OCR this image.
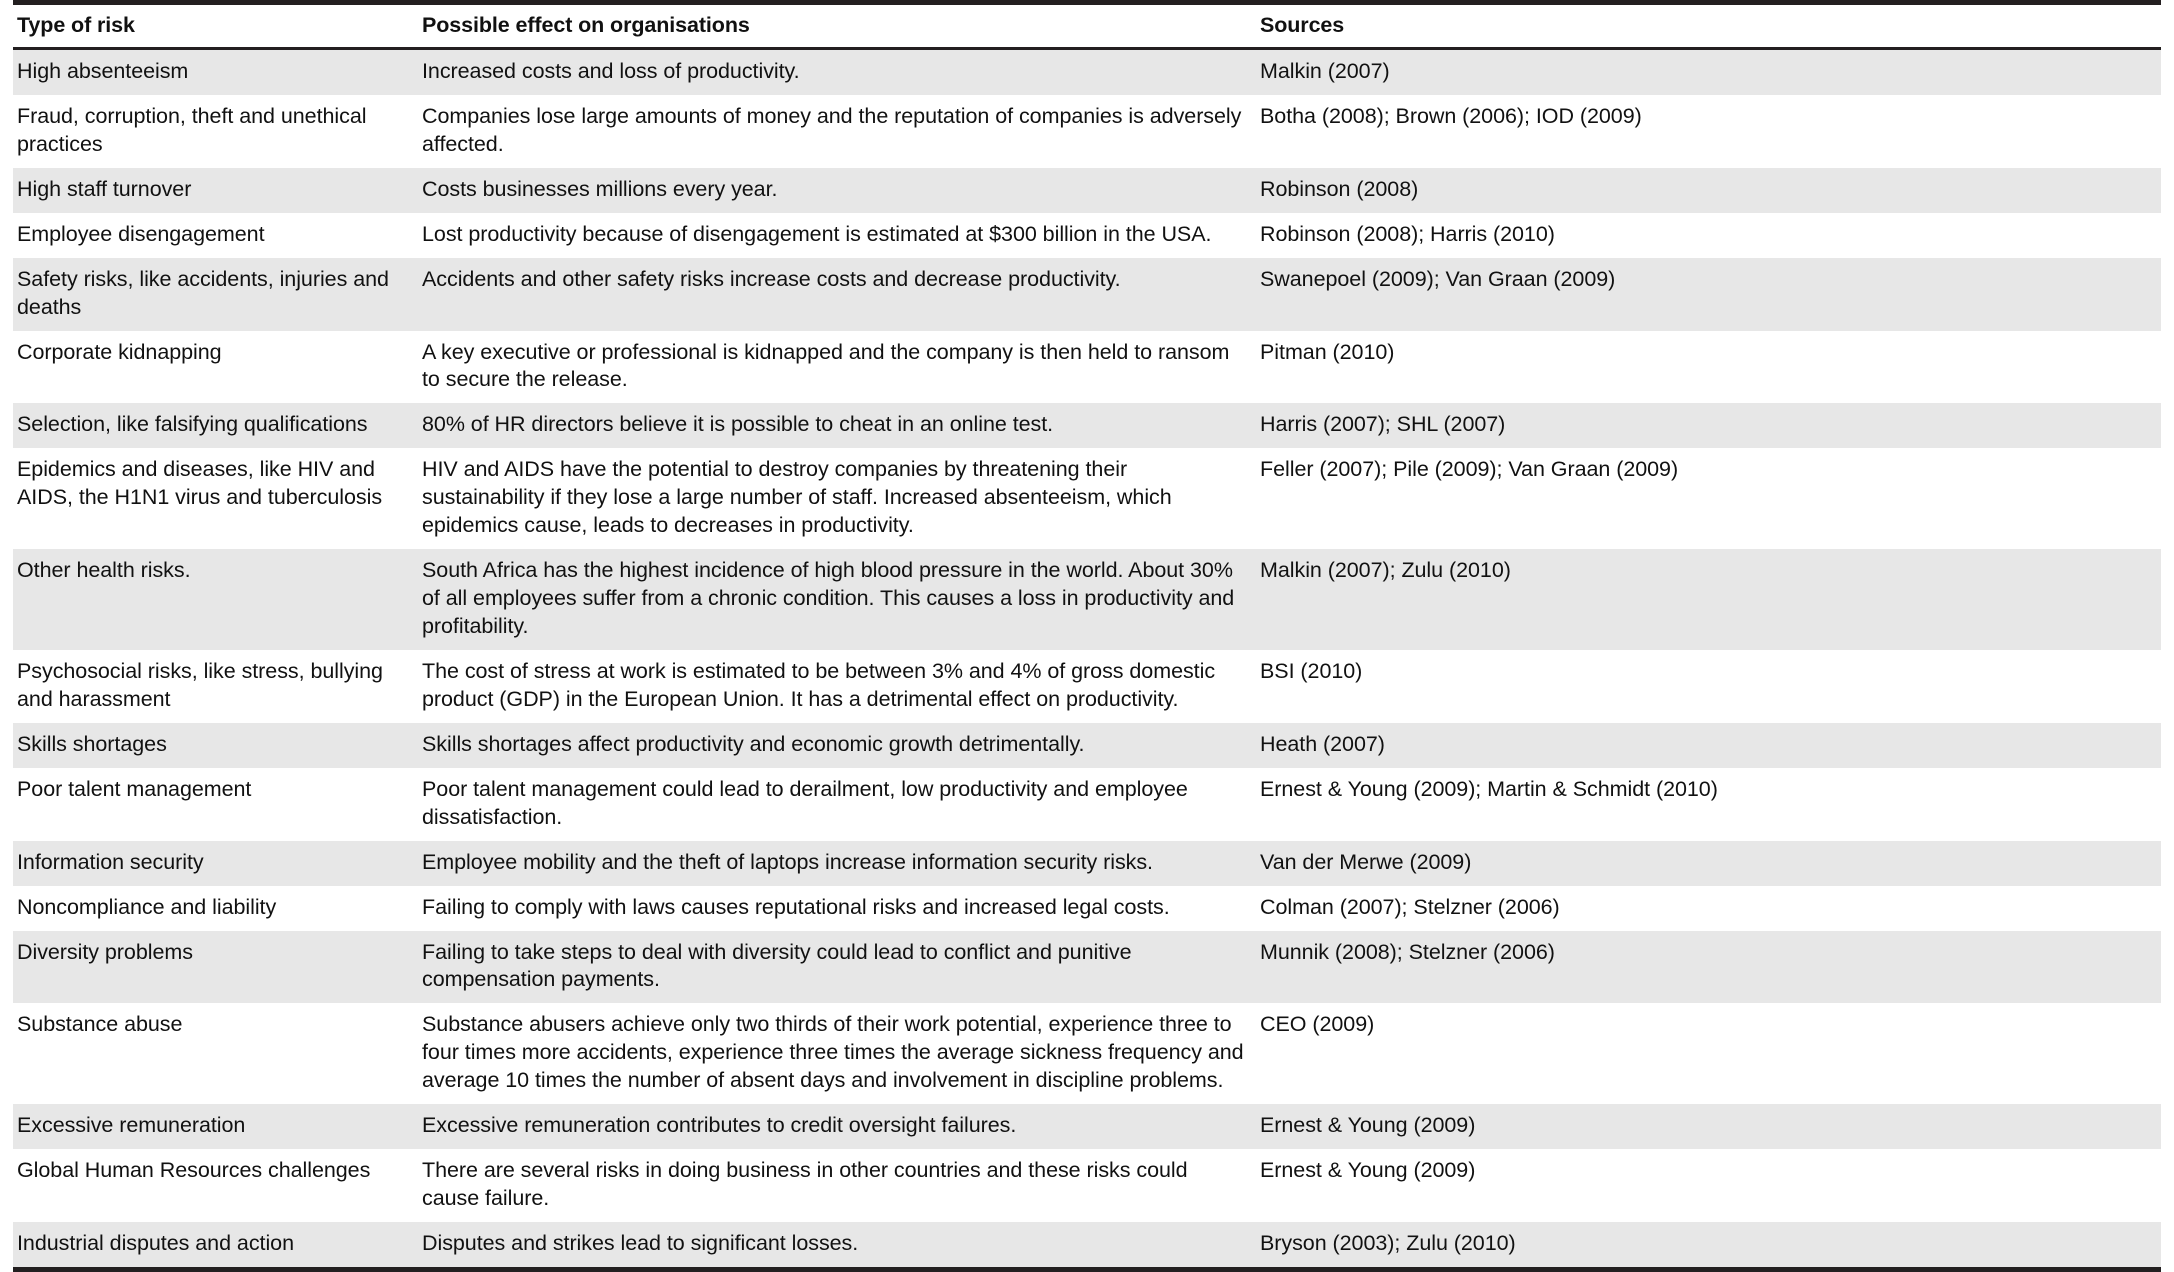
Type of risk	Possible effect on organisations	Sources

High absenteeism	Increased costs and loss of productivity.	Malkin (2007)

Fraud, corruption, theft and unethical practices	Companies lose large amounts of money and the reputation of companies is adversely affected.	Botha (2008); Brown (2006); IOD (2009)

High staff turnover	Costs businesses millions every year.	Robinson (2008)

Employee disengagement	Lost productivity because of disengagement is estimated at $300 billion in the USA.	Robinson (2008); Harris (2010)

Safety risks, like accidents, injuries and deaths	Accidents and other safety risks increase costs and decrease productivity.	Swanepoel (2009); Van Graan (2009)

Corporate kidnapping	A key executive or professional is kidnapped and the company is then held to ransom to secure the release.	Pitman (2010)

Selection, like falsifying qualifications	80% of HR directors believe it is possible to cheat in an online test.	Harris (2007); SHL (2007)

Epidemics and diseases, like HIV and AIDS, the H1N1 virus and tuberculosis	HIV and AIDS have the potential to destroy companies by threatening their sustainability if they lose a large number of staff. Increased absenteeism, which epidemics cause, leads to decreases in productivity.	Feller (2007); Pile (2009); Van Graan (2009)

Other health risks.	South Africa has the highest incidence of high blood pressure in the world. About 30% of all employees suffer from a chronic condition. This causes a loss in productivity and profitability.	Malkin (2007); Zulu (2010)

Psychosocial risks, like stress, bullying and harassment	The cost of stress at work is estimated to be between 3% and 4% of gross domestic product (GDP) in the European Union. It has a detrimental effect on productivity.	BSI (2010)

Skills shortages	Skills shortages affect productivity and economic growth detrimentally.	Heath (2007)

Poor talent management	Poor talent management could lead to derailment, low productivity and employee dissatisfaction.	Ernest & Young (2009); Martin & Schmidt (2010)

Information security	Employee mobility and the theft of laptops increase information security risks.	Van der Merwe (2009)

Noncompliance and liability	Failing to comply with laws causes reputational risks and increased legal costs.	Colman (2007); Stelzner (2006)

Diversity problems	Failing to take steps to deal with diversity could lead to conflict and punitive compensation payments.	Munnik (2008); Stelzner (2006)

Substance abuse	Substance abusers achieve only two thirds of their work potential, experience three to four times more accidents, experience three times the average sickness frequency and average 10 times the number of absent days and involvement in discipline problems.	CEO (2009)

Excessive remuneration	Excessive remuneration contributes to credit oversight failures.	Ernest & Young (2009)

Global Human Resources challenges	There are several risks in doing business in other countries and these risks could cause failure.	Ernest & Young (2009)

Industrial disputes and action	Disputes and strikes lead to significant losses.	Bryson (2003); Zulu (2010)
